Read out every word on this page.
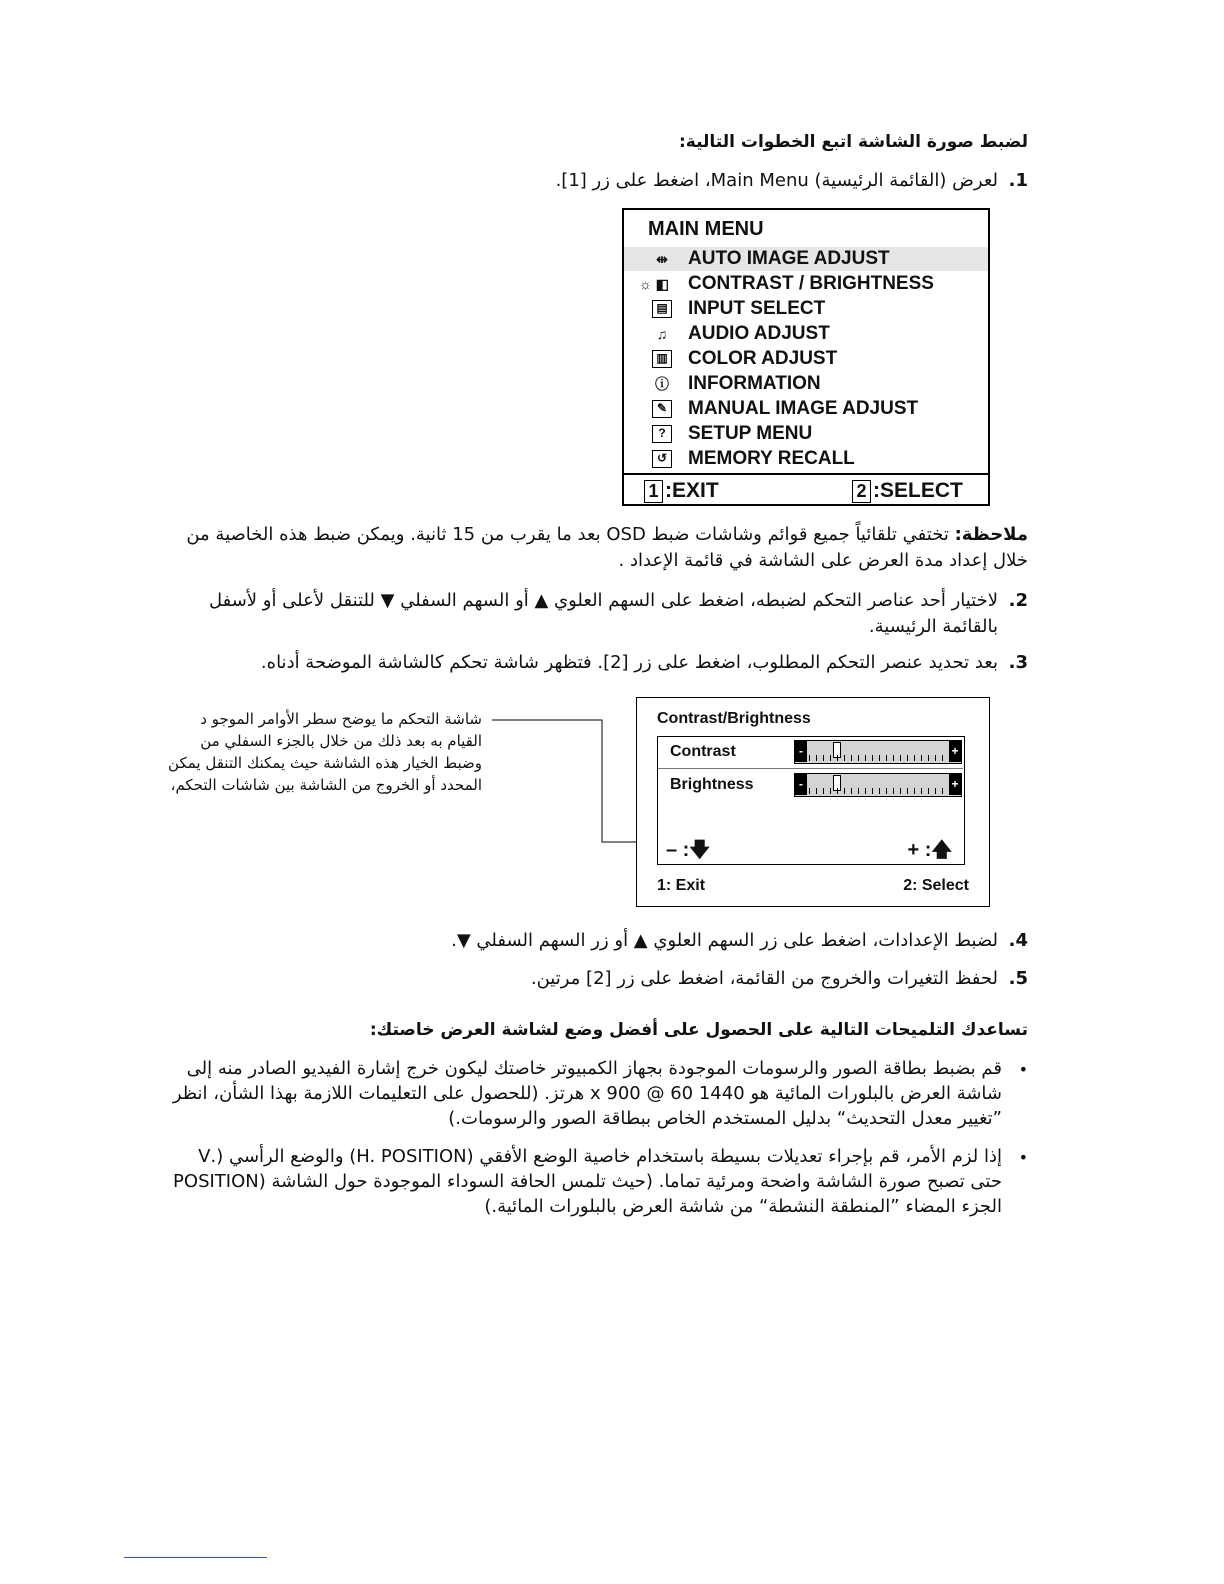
لضبط صورة الشاشة اتبع الخطوات التالية:
1.لعرض (القائمة الرئيسية) Main Menu، اضغط على زر [1].
MAIN MENU
⇹ AUTO IMAGE ADJUST
☼ ◧ CONTRAST / BRIGHTNESS
▤ INPUT SELECT
♫ AUDIO ADJUST
▥ COLOR ADJUST
ⓘ INFORMATION
✎ MANUAL IMAGE ADJUST
?	SETUP MENU
↺ MEMORY RECALL
1 :EXIT	2 :SELECT
ملاحظة: تختفي تلقائياً جميع قوائم وشاشات ضبط OSD بعد ما يقرب من 15 ثانية. ويمكن ضبط هذه الخاصية من
خلال إعداد مدة العرض على الشاشة في قائمة الإعداد .
2.لاختيار أحد عناصر التحكم لضبطه، اضغط على السهم العلوي ▲ أو السهم السفلي ▼ للتنقل لأعلى أو لأسفل
بالقائمة الرئيسية.
3.بعد تحديد عنصر التحكم المطلوب، اضغط على زر [2]. فتظهر شاشة تحكم كالشاشة الموضحة أدناه.
شاشة التحكم ما يوضح سطر الأوامر الموجو د
القيام به بعد ذلك من خلال بالجزء السفلي من
وضبط الخيار هذه الشاشة حيث يمكنك التنقل يمكن
المحدد أو الخروج من الشاشة بين شاشات التحكم،
Contrast/Brightness
Contrast	-	+
Brightness	-	+
– :🡇	+ :🡅
1: Exit	2: Select
4.لضبط الإعدادات، اضغط على زر السهم العلوي ▲ أو زر السهم السفلي ▼.
5.لحفظ التغيرات والخروج من القائمة، اضغط على زر [2] مرتين.
تساعدك التلميحات التالية على الحصول على أفضل وضع لشاشة العرض خاصتك:
•
قم بضبط بطاقة الصور والرسومات الموجودة بجهاز الكمبيوتر خاصتك ليكون خرج إشارة الفيديو الصادر منه إلى
شاشة العرض بالبلورات المائية هو 1440 x 900 @ 60 هرتز. (للحصول على التعليمات اللازمة بهذا الشأن، انظر
”تغيير معدل التحديث“ بدليل المستخدم الخاص ببطاقة الصور والرسومات.)
•
إذا لزم الأمر، قم بإجراء تعديلات بسيطة باستخدام خاصية الوضع الأفقي (H. POSITION) والوضع الرأسي (.V
POSITION) حتى تصبح صورة الشاشة واضحة ومرئية تماما. (حيث تلمس الحافة السوداء الموجودة حول الشاشة
الجزء المضاء ”المنطقة النشطة“ من شاشة العرض بالبلورات المائية.)
